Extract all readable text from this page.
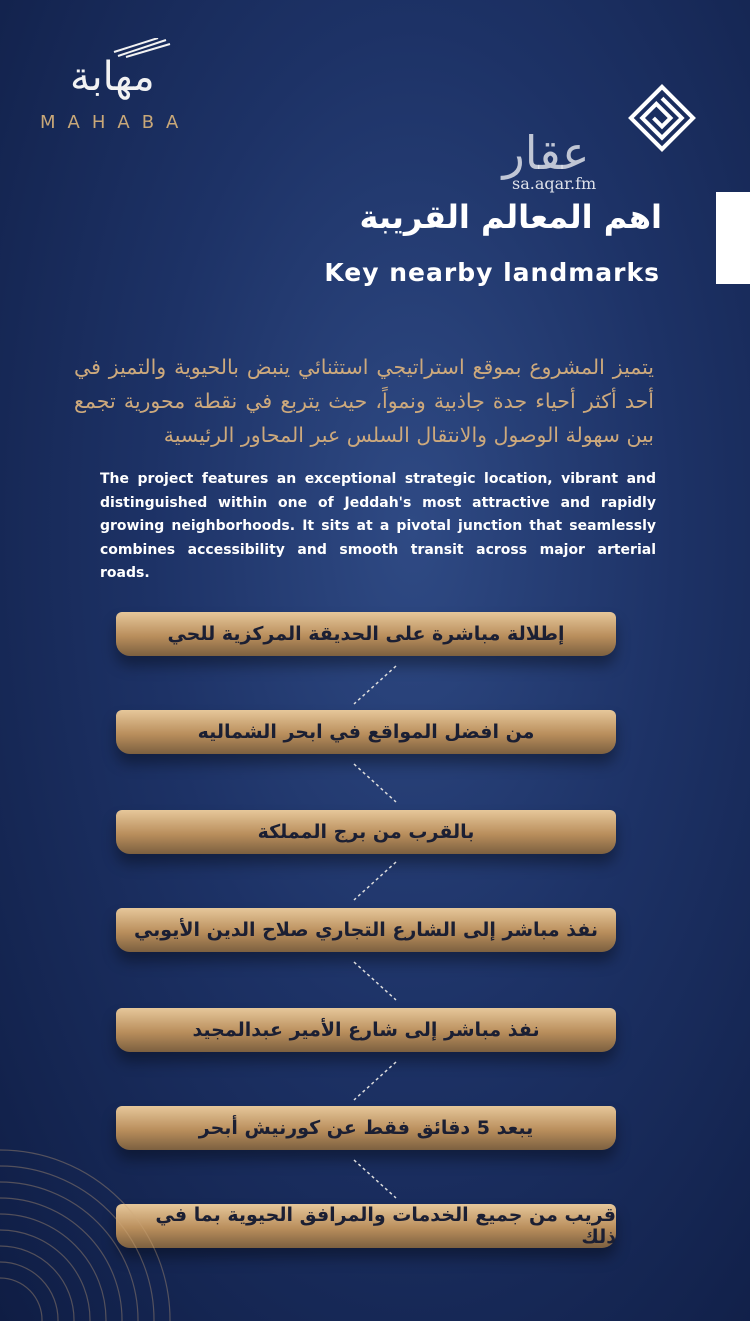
مهابة
MAHABA
عقار
sa.aqar.fm
اهم المعالم القريبة
Key nearby landmarks
يتميز المشروع بموقع استراتيجي استثنائي ينبض بالحيوية والتميز في أحد أكثر أحياء جدة جاذبية ونمواً، حيث يتربع في نقطة محورية تجمع بين سهولة الوصول والانتقال السلس عبر المحاور الرئيسية
The project features an exceptional strategic location, vibrant and distinguished within one of Jeddah's most attractive and rapidly growing neighborhoods. It sits at a pivotal junction that seamlessly combines accessibility and smooth transit across major arterial roads.
إطلالة مباشرة على الحديقة المركزية للحي
من افضل المواقع في ابحر الشماليه
بالقرب من برج المملكة
نفذ مباشر إلى الشارع التجاري صلاح الدين الأيوبي
نفذ مباشر إلى شارع الأمير عبدالمجيد
يبعد 5 دقائق فقط عن كورنيش أبحر
قريب من جميع الخدمات والمرافق الحيوية بما في ذلك
